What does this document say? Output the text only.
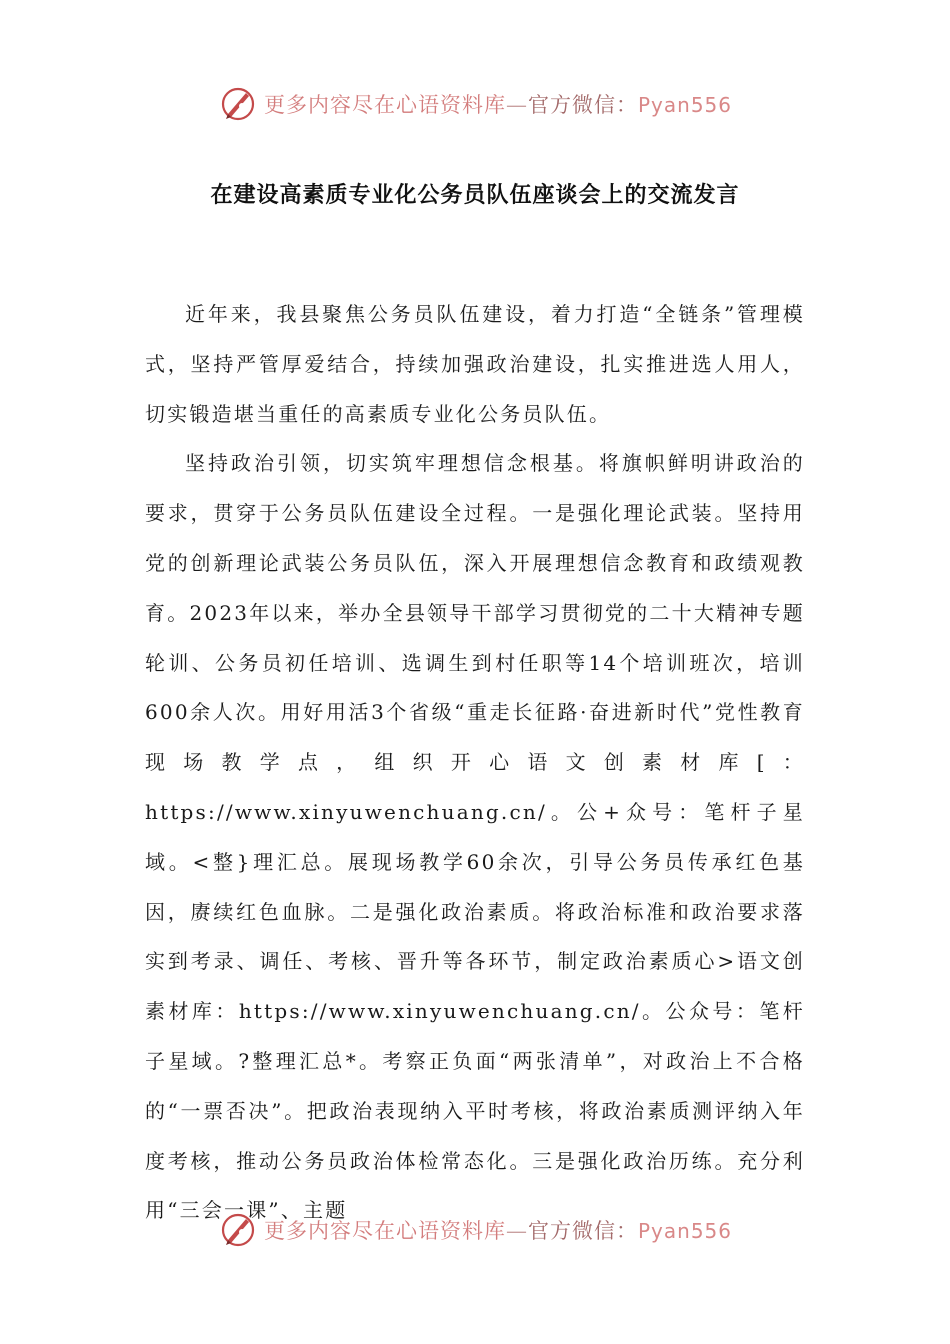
更多内容尽在心语资料库—官方微信：Pyan556
在建设高素质专业化公务员队伍座谈会上的交流发言

近年来，我县聚焦公务员队伍建设，着力打造“全链条”管理模式，坚持严管厚爱结合，持续加强政治建设，扎实推进选人用人，切实锻造堪当重任的高素质专业化公务员队伍。

坚持政治引领，切实筑牢理想信念根基。将旗帜鲜明讲政治的要求，贯穿于公务员队伍建设全过程。一是强化理论武装。坚持用党的创新理论武装公务员队伍，深入开展理想信念教育和政绩观教育。2023年以来，举办全县领导干部学习贯彻党的二十大精神专题轮训、公务员初任培训、选调生到村任职等14个培训班次，培训600余人次。用好用活3个省级“重走长征路·奋进新时代”党性教育现场教学点，组织开心语文创素材库[：https://www.xinyuwenchuang.cn/。公+众号：笔杆子星域。<整}理汇总。展现场教学60余次，引导公务员传承红色基因，赓续红色血脉。二是强化政治素质。将政治标准和政治要求落实到考录、调任、考核、晋升等各环节，制定政治素质心>语文创素材库：https://www.xinyuwenchuang.cn/。公众号：笔杆子星域。?整理汇总*。考察正负面“两张清单”，对政治上不合格的“一票否决”。把政治表现纳入平时考核，将政治素质测评纳入年度考核，推动公务员政治体检常态化。三是强化政治历练。充分利用“三会一课”、主题

更多内容尽在心语资料库—官方微信：Pyan556
